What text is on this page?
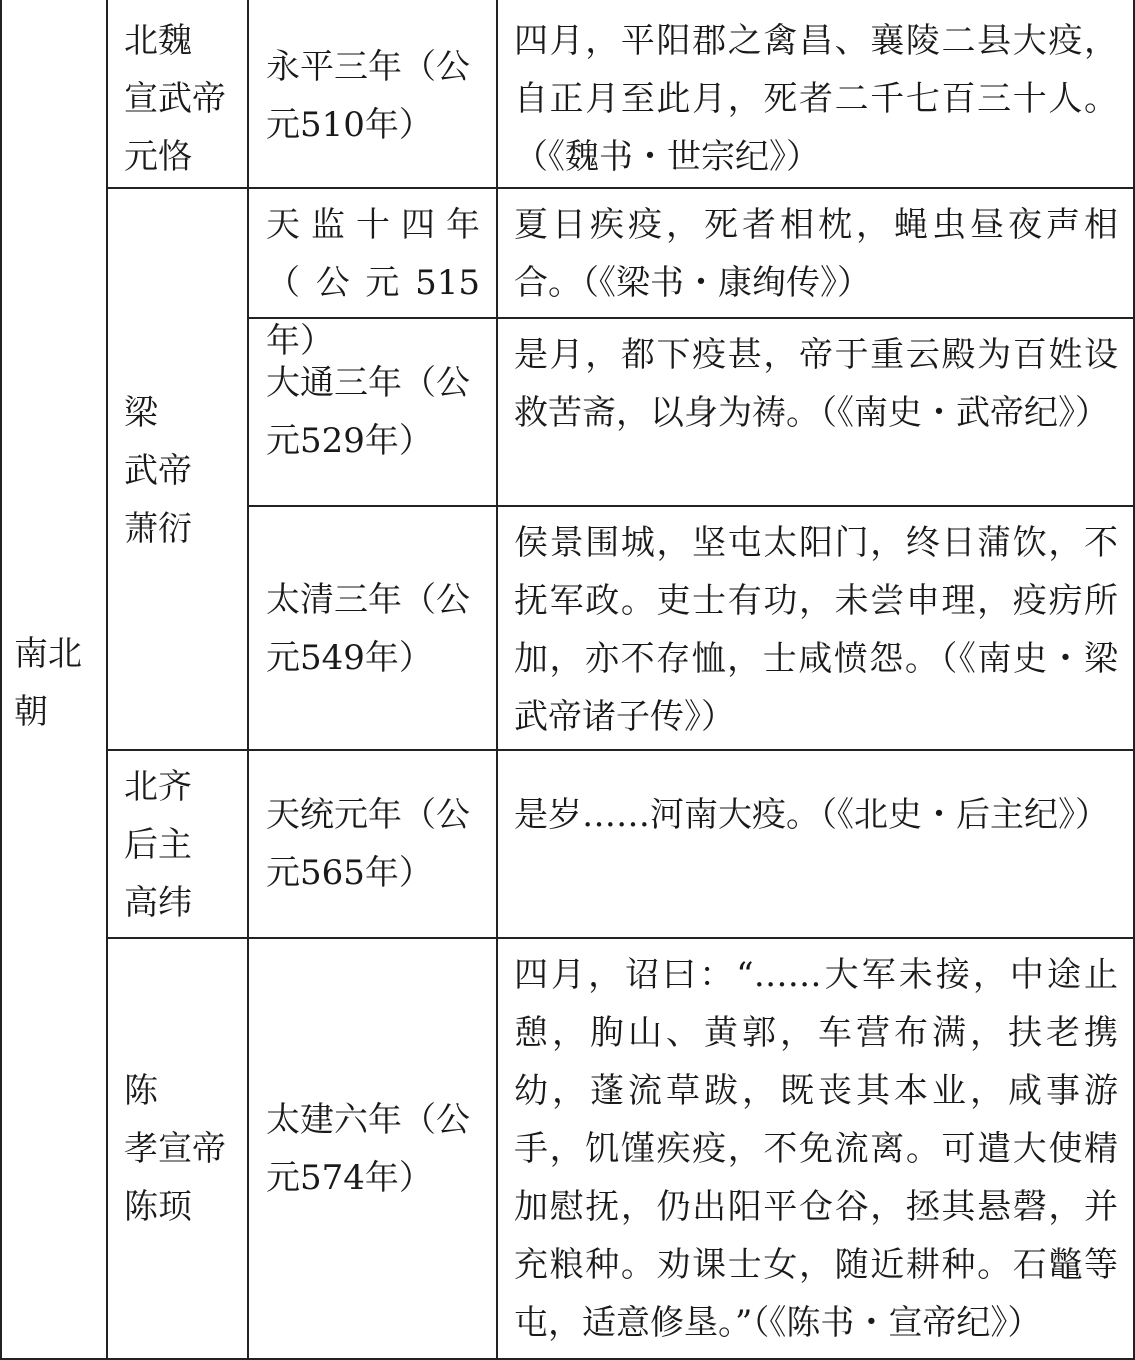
南北朝
北魏
宣武帝
元恪
永平三年（公元510年）
四月，平阳郡之禽昌、襄陵二县大疫，自正月至此月，死者二千七百三十人。（《魏书・世宗纪》）
梁
武帝
萧衍
天监十四年（公元515年）
夏日疾疫，死者相枕，蝇虫昼夜声相合。（《梁书・康绚传》）
大通三年（公元529年）
是月，都下疫甚，帝于重云殿为百姓设救苦斋，以身为祷。（《南史・武帝纪》）
太清三年（公元549年）
侯景围城，坚屯太阳门，终日蒲饮，不抚军政。吏士有功，未尝申理，疫疠所加，亦不存恤，士咸愤怨。（《南史・梁武帝诸子传》）
北齐
后主
高纬
天统元年（公元565年）
是岁……河南大疫。（《北史・后主纪》）
陈
孝宣帝
陈顼
太建六年（公元574年）
四月，诏曰：“……大军未接，中途止憩，朐山、黄郭，车营布满，扶老携幼，蓬流草跋，既丧其本业，咸事游手，饥馑疾疫，不免流离。可遣大使精加慰抚，仍出阳平仓谷，拯其悬磬，并充粮种。劝课士女，随近耕种。石鼈等屯，适意修垦。”（《陈书・宣帝纪》）
